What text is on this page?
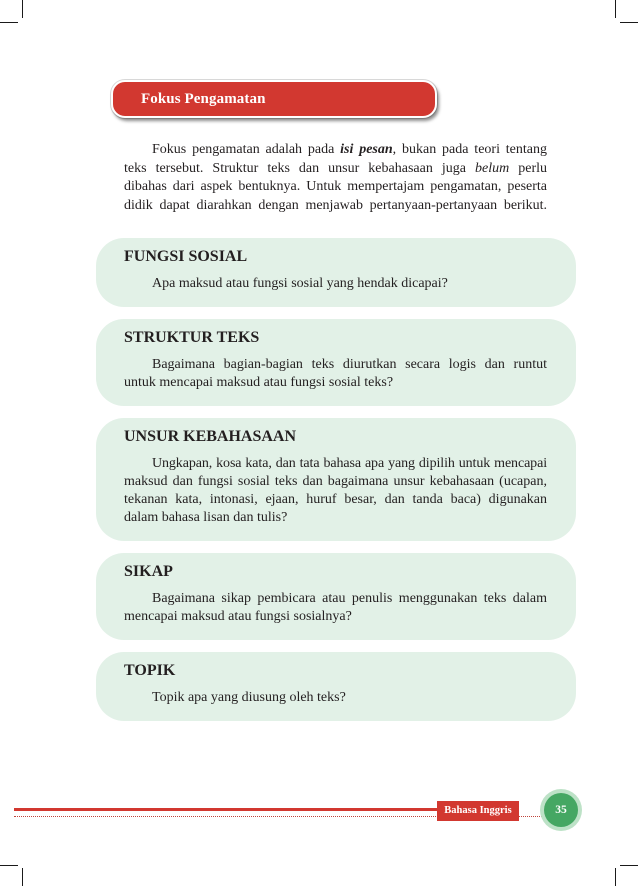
Fokus Pengamatan
Fokus pengamatan adalah pada isi pesan, bukan pada teori tentang
teks tersebut. Struktur teks dan unsur kebahasaan juga belum perlu
dibahas dari aspek bentuknya. Untuk mempertajam pengamatan, peserta
didik dapat diarahkan dengan menjawab pertanyaan-pertanyaan berikut.
FUNGSI SOSIAL
Apa maksud atau fungsi sosial yang hendak dicapai?
STRUKTUR TEKS
Bagaimana bagian-bagian teks diurutkan secara logis dan runtut
untuk mencapai maksud atau fungsi sosial teks?
UNSUR KEBAHASAAN
Ungkapan, kosa kata, dan tata bahasa apa yang dipilih untuk mencapai
maksud dan fungsi sosial teks dan bagaimana unsur kebahasaan (ucapan,
tekanan kata, intonasi, ejaan, huruf besar, dan tanda baca) digunakan
dalam bahasa lisan dan tulis?
SIKAP
Bagaimana sikap pembicara atau penulis menggunakan teks dalam
mencapai maksud atau fungsi sosialnya?
TOPIK
Topik apa yang diusung oleh teks?
Bahasa Inggris	35
